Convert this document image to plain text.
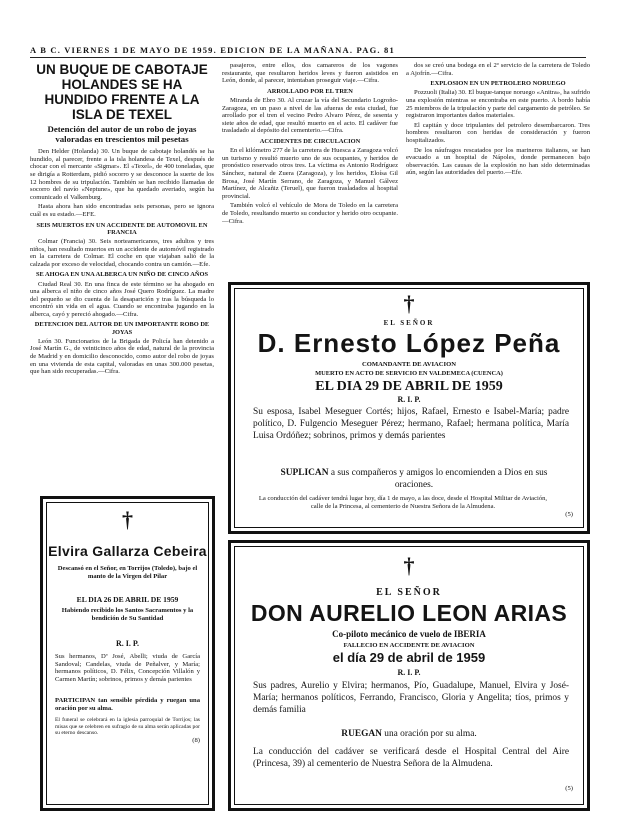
A B C. VIERNES 1 DE MAYO DE 1959. EDICION DE LA MAÑANA. PAG. 81
UN BUQUE DE CABOTAJE HOLANDES SE HA HUNDIDO FRENTE A LA ISLA DE TEXEL
Detención del autor de un robo de joyas valoradas en trescientos mil pesetas

Den Helder (Holanda) 30. Un buque de cabotaje holandés se ha hundido, al parecer, frente a la isla holandesa de Texel, después de chocar con el mercante «Sigmar». El «Texel», de 400 toneladas, que se dirigía a Rotterdam, pidió socorro y se desconoce la suerte de los 12 hombres de su tripulación. También se han recibido llamadas de socorro del navío «Neptune», que ha quedado averiado, según ha comunicado el Valkenburg.

Hasta ahora han sido encontradas seis personas, pero se ignora cuál es su estado.—EFE.

SEIS MUERTOS EN UN ACCIDENTE DE AUTOMOVIL EN FRANCIA

Colmar (Francia) 30. Seis norteamericanos, tres adultos y tres niños, han resultado muertos en un accidente de automóvil registrado en la carretera de Colmar. El coche en que viajaban salió de la calzada por exceso de velocidad, chocando contra un camión.—Efe.

SE AHOGA EN UNA ALBERCA UN NIÑO DE CINCO AÑOS

Ciudad Real 30. En una finca de este término se ha ahogado en una alberca el niño de cinco años José Quero Rodríguez. La madre del pequeño se dio cuenta de la desaparición y tras la búsqueda lo encontró sin vida en el agua. Cuando se encontraba jugando en la alberca, cayó y pereció ahogado.—Cifra.

DETENCION DEL AUTOR DE UN IMPORTANTE ROBO DE JOYAS

León 30. Funcionarios de la Brigada de Policía han detenido a José Martín G., de veinticinco años de edad, natural de la provincia de Madrid y en domicilio desconocido, como autor del robo de joyas en una vivienda de esta capital, valoradas en unas 300.000 pesetas, que han sido recuperadas.—Cifra.

pasajeros, entre ellos, dos camareros de los vagones restaurante, que resultaron heridos leves y fueron asistidos en León, donde, al parecer, intentaban proseguir viaje.—Cifra.

ARROLLADO POR EL TREN

Miranda de Ebro 30. Al cruzar la vía del Secundario Logroño-Zaragoza, en un paso a nivel de las afueras de esta ciudad, fue arrollado por el tren el vecino Pedro Alvaro Pérez, de sesenta y siete años de edad, que resultó muerto en el acto. El cadáver fue trasladado al depósito del cementerio.—Cifra.

ACCIDENTES DE CIRCULACION

En el kilómetro 277 de la carretera de Huesca a Zaragoza volcó un turismo y resultó muerto uno de sus ocupantes, y heridos de pronóstico reservado otros tres. La víctima es Antonio Rodríguez Sánchez, natural de Zuera (Zaragoza), y los heridos, Eloísa Gil Brosa, José Martín Serrano, de Zaragoza, y Manuel Gálvez Martínez, de Alcañiz (Teruel), que fueron trasladados al hospital provincial.

También volcó el vehículo de Mora de Toledo en la carretera de Toledo, resultando muerto su conductor y herido otro ocupante.—Cifra.

dos se creó una bodega en el 2º servicio de la carretera de Toledo a Ajofrín.—Cifra.

EXPLOSION EN UN PETROLERO NORUEGO

Pozzuoli (Italia) 30. El buque-tanque noruego «Anitra», ha sufrido una explosión mientras se encontraba en este puerto. A bordo había 25 miembros de la tripulación y parte del cargamento de petróleo. Se registraron importantes daños materiales.

El capitán y doce tripulantes del petrolero desembarcaron. Tres hombres resultaron con heridas de consideración y fueron hospitalizados.

De los náufragos rescatados por los marineros italianos, se han evacuado a un hospital de Nápoles, donde permanecen bajo observación. Las causas de la explosión no han sido determinadas aún, según las autoridades del puerto.—Efe.

†
EL SEÑOR
D. Ernesto López Peña
COMANDANTE DE AVIACION
MUERTO EN ACTO DE SERVICIO EN VALDEMECA (CUENCA)
EL DIA 29 DE ABRIL DE 1959
R. I. P.
Su esposa, Isabel Meseguer Cortés; hijos, Rafael, Ernesto e Isabel-María; padre político, D. Fulgencio Meseguer Pérez; hermano, Rafael; hermana política, María Luisa Ordóñez; sobrinos, primos y demás parientes
SUPLICAN a sus compañeros y amigos lo encomienden a Dios en sus oraciones.
La conducción del cadáver tendrá lugar hoy, día 1 de mayo, a las doce, desde el Hospital Militar de Aviación, calle de la Princesa, al cementerio de Nuestra Señora de la Almudena.
(5)
†
Elvira Gallarza Cebeira
Descansó en el Señor, en Torrijos (Toledo), bajo el manto de la Virgen del Pilar
EL DIA 26 DE ABRIL DE 1959
Habiendo recibido los Santos Sacramentos y la bendición de Su Santidad
R. I. P.
Sus hermanos, Dª José, Abelli; viuda de García Sandoval; Candelas, viuda de Peñalver, y María; hermanos políticos, D. Félix, Concepción Villalón y Carmen Martín; sobrinos, primos y demás parientes
PARTICIPAN tan sensible pérdida y ruegan una oración por su alma.
El funeral se celebrará en la iglesia parroquial de Torrijos; las misas que se celebren en sufragio de su alma serán aplicadas por su eterno descanso.
(8)
†
EL SEÑOR
DON AURELIO LEON ARIAS
Co-piloto mecánico de vuelo de IBERIA
FALLECIO EN ACCIDENTE DE AVIACION
el día 29 de abril de 1959
R. I. P.
Sus padres, Aurelio y Elvira; hermanos, Pío, Guadalupe, Manuel, Elvira y José-María; hermanos políticos, Ferrando, Francisco, Gloria y Angelita; tíos, primos y demás familia
RUEGAN una oración por su alma.
La conducción del cadáver se verificará desde el Hospital Central del Aire (Princesa, 39) al cementerio de Nuestra Señora de la Almudena.
(5)
